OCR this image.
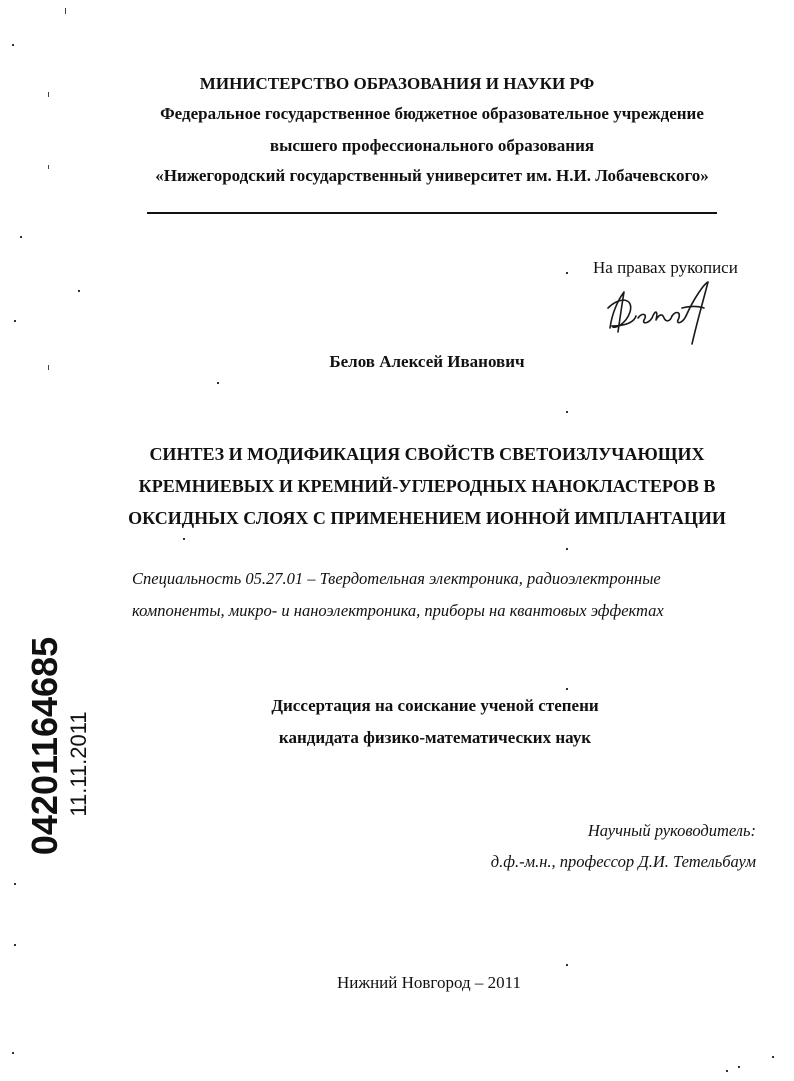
МИНИСТЕРСТВО ОБРАЗОВАНИЯ И НАУКИ РФ
Федеральное государственное бюджетное образовательное учреждение
высшего профессионального образования
«Нижегородский государственный университет им. Н.И. Лобачевского»
На правах рукописи
Белов Алексей Иванович
СИНТЕЗ И МОДИФИКАЦИЯ СВОЙСТВ СВЕТОИЗЛУЧАЮЩИХ
КРЕМНИЕВЫХ И КРЕМНИЙ-УГЛЕРОДНЫХ НАНОКЛАСТЕРОВ В
ОКСИДНЫХ СЛОЯХ С ПРИМЕНЕНИЕМ ИОННОЙ ИМПЛАНТАЦИИ
Специальность 05.27.01 – Твердотельная электроника, радиоэлектронные
компоненты, микро- и наноэлектроника, приборы на квантовых эффектах
Диссертация на соискание ученой степени
кандидата физико-математических наук
Научный руководитель:
д.ф.-м.н., профессор Д.И. Тетельбаум
Нижний Новгород – 2011
04201164685 11.11.2011
